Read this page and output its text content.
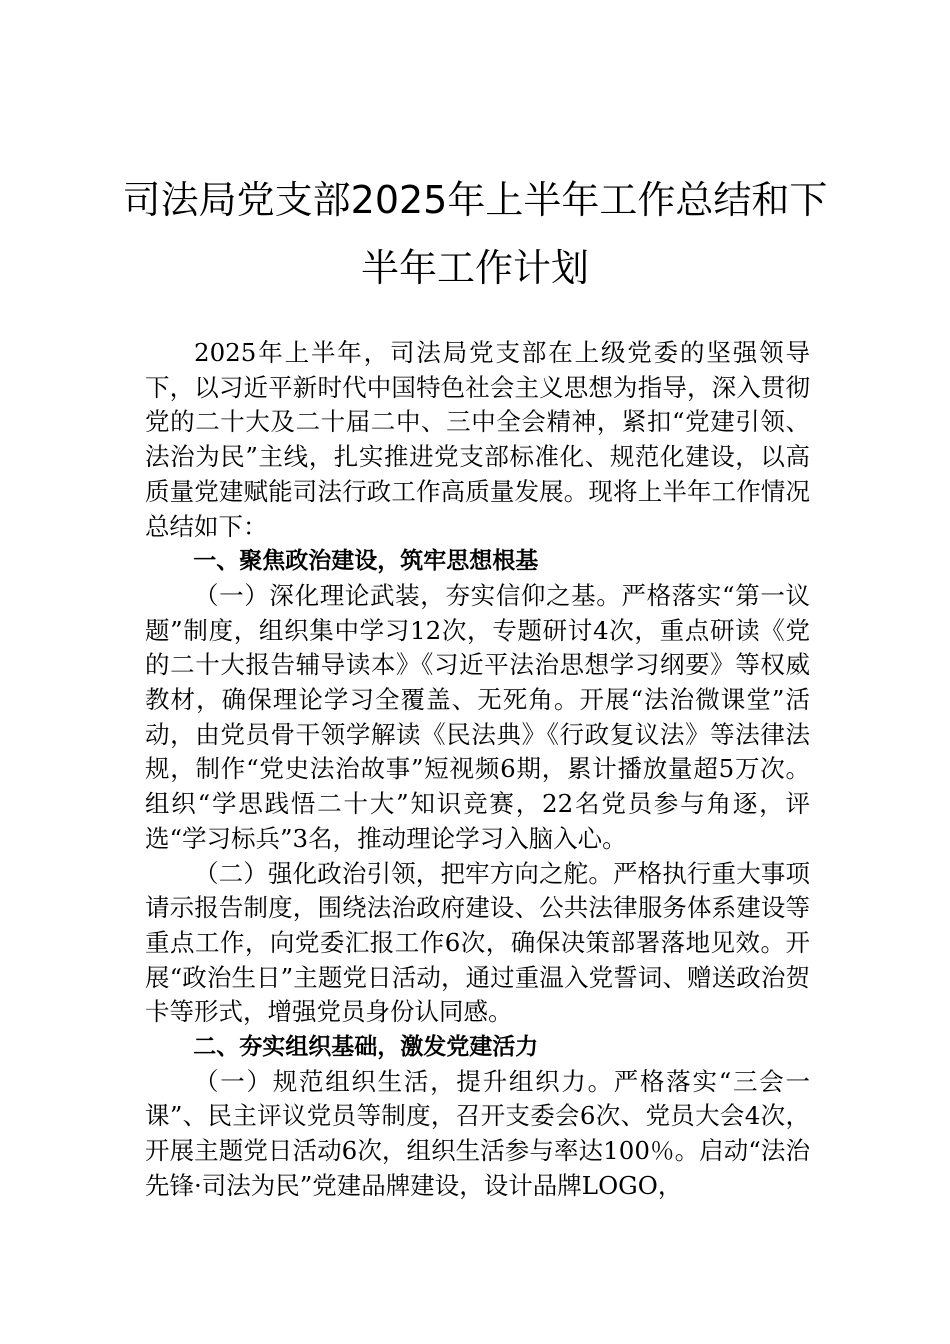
司法局党支部2025年上半年工作总结和下
半年工作计划

2025年上半年，司法局党支部在上级党委的坚强领导下，以习近平新时代中国特色社会主义思想为指导，深入贯彻党的二十大及二十届二中、三中全会精神，紧扣“党建引领、法治为民”主线，扎实推进党支部标准化、规范化建设，以高质量党建赋能司法行政工作高质量发展。现将上半年工作情况总结如下：

一、聚焦政治建设，筑牢思想根基

（一）深化理论武装，夯实信仰之基。严格落实“第一议题”制度，组织集中学习12次，专题研讨4次，重点研读《党的二十大报告辅导读本》《习近平法治思想学习纲要》等权威教材，确保理论学习全覆盖、无死角。开展“法治微课堂”活动，由党员骨干领学解读《民法典》《行政复议法》等法律法规，制作“党史法治故事”短视频6期，累计播放量超5万次。组织“学思践悟二十大”知识竞赛，22名党员参与角逐，评选“学习标兵”3名，推动理论学习入脑入心。

（二）强化政治引领，把牢方向之舵。严格执行重大事项请示报告制度，围绕法治政府建设、公共法律服务体系建设等重点工作，向党委汇报工作6次，确保决策部署落地见效。开展“政治生日”主题党日活动，通过重温入党誓词、赠送政治贺卡等形式，增强党员身份认同感。

二、夯实组织基础，激发党建活力

（一）规范组织生活，提升组织力。严格落实“三会一课”、民主评议党员等制度，召开支委会6次、党员大会4次，开展主题党日活动6次，组织生活参与率达100％。启动“法治先锋·司法为民”党建品牌建设，设计品牌LOGO，
